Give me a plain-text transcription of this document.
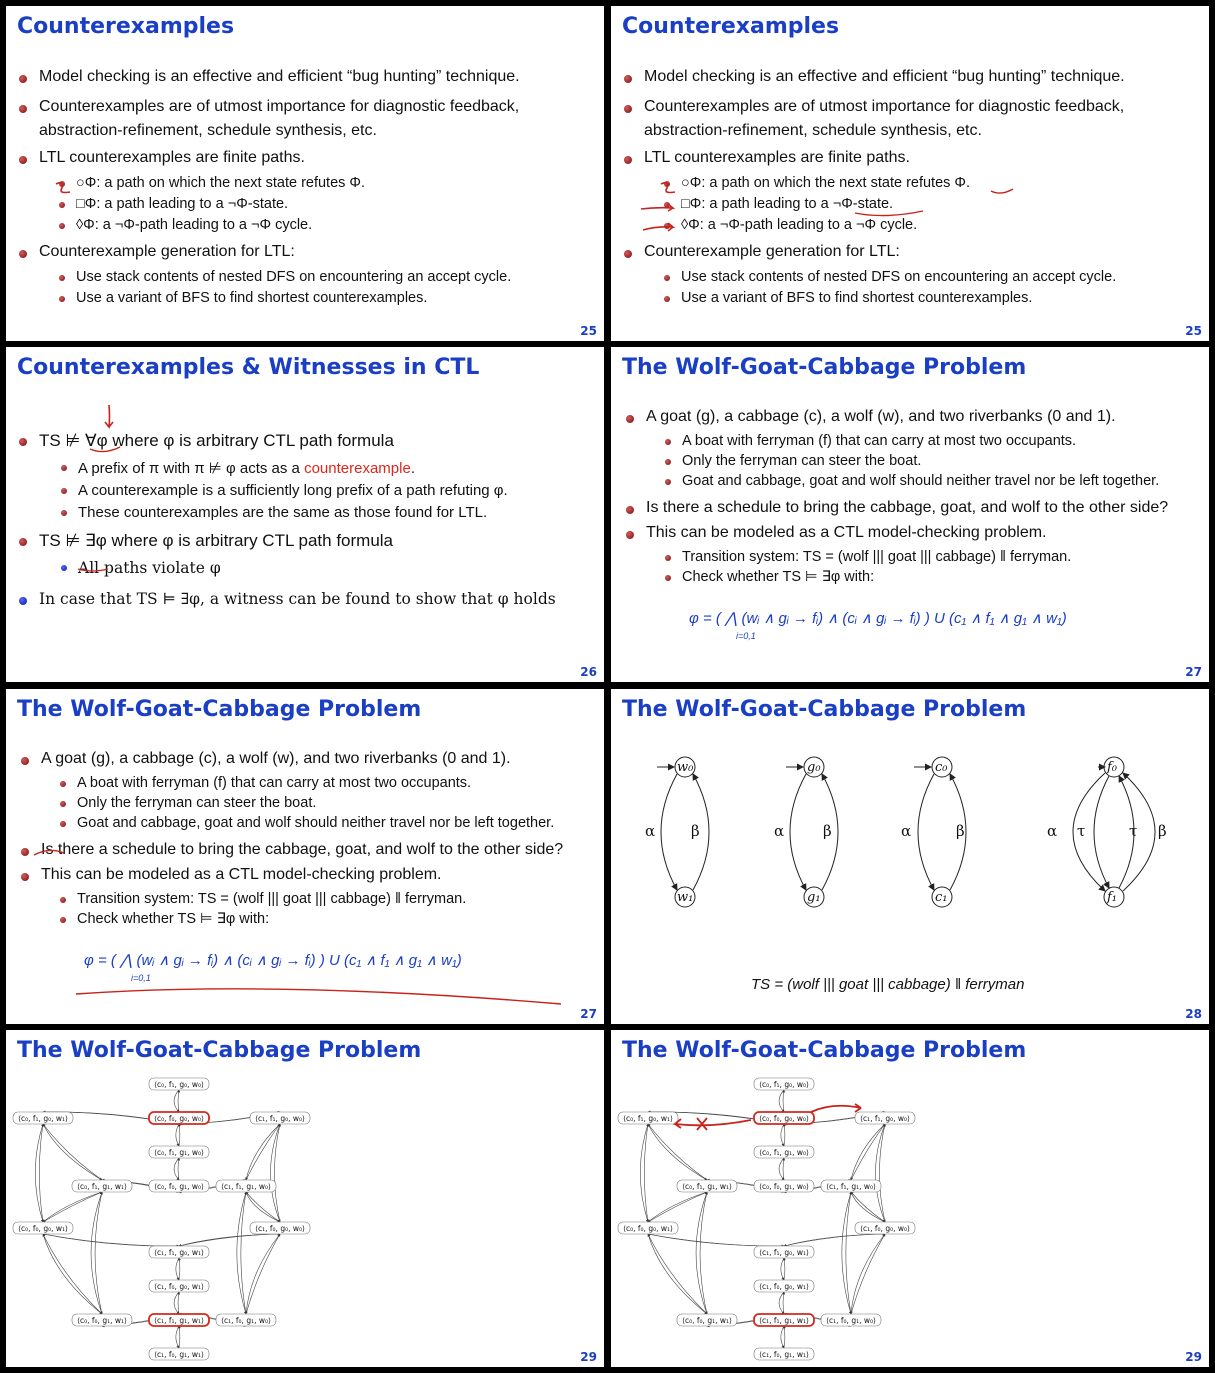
Counterexamples
Model checking is an effective and efficient “bug hunting” technique.
Counterexamples are of utmost importance for diagnostic feedback,
abstraction-refinement, schedule synthesis, etc.
LTL counterexamples are finite paths.
○Φ: a path on which the next state refutes Φ.
□Φ: a path leading to a ¬Φ-state.
◊Φ: a ¬Φ-path leading to a ¬Φ cycle.
Counterexample generation for LTL:
Use stack contents of nested DFS on encountering an accept cycle.
Use a variant of BFS to find shortest counterexamples.
25
Counterexamples
Model checking is an effective and efficient “bug hunting” technique.
Counterexamples are of utmost importance for diagnostic feedback,
abstraction-refinement, schedule synthesis, etc.
LTL counterexamples are finite paths.
○Φ: a path on which the next state refutes Φ.
□Φ: a path leading to a ¬Φ-state.
◊Φ: a ¬Φ-path leading to a ¬Φ cycle.
Counterexample generation for LTL:
Use stack contents of nested DFS on encountering an accept cycle.
Use a variant of BFS to find shortest counterexamples.
25
Counterexamples & Witnesses in CTL
TS ⊭ ∀φ where φ is arbitrary CTL path formula
A prefix of π with π ⊭ φ acts as a counterexample.
A counterexample is a sufficiently long prefix of a path refuting φ.
These counterexamples are the same as those found for LTL.
TS ⊭ ∃φ where φ is arbitrary CTL path formula
All paths violate φ
In case that TS ⊨ ∃φ, a witness can be found to show that φ holds
26
The Wolf-Goat-Cabbage Problem
A goat (g), a cabbage (c), a wolf (w), and two riverbanks (0 and 1).
A boat with ferryman (f) that can carry at most two occupants.
Only the ferryman can steer the boat.
Goat and cabbage, goat and wolf should neither travel nor be left together.
Is there a schedule to bring the cabbage, goat, and wolf to the other side?
This can be modeled as a CTL model-checking problem.
Transition system: TS = (wolf ||| goat ||| cabbage) ‖ ferryman.
Check whether TS ⊨ ∃φ with:
φ = ( ⋀ (wᵢ ∧ gᵢ → fᵢ) ∧ (cᵢ ∧ gᵢ → fᵢ) ) U (c₁ ∧ f₁ ∧ g₁ ∧ w₁)
i=0,1
27
The Wolf-Goat-Cabbage Problem
A goat (g), a cabbage (c), a wolf (w), and two riverbanks (0 and 1).
A boat with ferryman (f) that can carry at most two occupants.
Only the ferryman can steer the boat.
Goat and cabbage, goat and wolf should neither travel nor be left together.
Is there a schedule to bring the cabbage, goat, and wolf to the other side?
This can be modeled as a CTL model-checking problem.
Transition system: TS = (wolf ||| goat ||| cabbage) ‖ ferryman.
Check whether TS ⊨ ∃φ with:
φ = ( ⋀ (wᵢ ∧ gᵢ → fᵢ) ∧ (cᵢ ∧ gᵢ → fᵢ) ) U (c₁ ∧ f₁ ∧ g₁ ∧ w₁)
i=0,1
27
The Wolf-Goat-Cabbage Problem
w₀
w₁
α β
g₀
g₁
α	β
c₀
c₁
α	β
f₀
f₁
α τ	τ β
TS = (wolf ||| goat ||| cabbage) ‖ ferryman
28
The Wolf-Goat-Cabbage Problem
⟨c₀, f₁, g₀, w₀⟩
⟨c₀, f₁, g₀, w₁⟩	⟨c₀, f₀, g₀, w₀⟩	⟨c₁, f₁, g₀, w₀⟩
⟨c₀, f₁, g₁, w₀⟩
⟨c₀, f₁, g₁, w₁⟩	⟨c₀, f₀, g₁, w₀⟩ ⟨c₁, f₁, g₁, w₀⟩
⟨c₀, f₀, g₀, w₁⟩	⟨c₁, f₀, g₀, w₀⟩
⟨c₁, f₁, g₀, w₁⟩
⟨c₁, f₀, g₀, w₁⟩
⟨c₀, f₀, g₁, w₁⟩	⟨c₁, f₁, g₁, w₁⟩ ⟨c₁, f₀, g₁, w₀⟩
⟨c₁, f₀, g₁, w₁⟩	29
The Wolf-Goat-Cabbage Problem
⟨c₀, f₁, g₀, w₀⟩
⟨c₀, f₁, g₀, w₁⟩	⟨c₀, f₀, g₀, w₀⟩	⟨c₁, f₁, g₀, w₀⟩
⟨c₀, f₁, g₁, w₀⟩
⟨c₀, f₁, g₁, w₁⟩	⟨c₀, f₀, g₁, w₀⟩ ⟨c₁, f₁, g₁, w₀⟩
⟨c₀, f₀, g₀, w₁⟩	⟨c₁, f₀, g₀, w₀⟩
⟨c₁, f₁, g₀, w₁⟩
⟨c₁, f₀, g₀, w₁⟩
⟨c₀, f₀, g₁, w₁⟩	⟨c₁, f₁, g₁, w₁⟩ ⟨c₁, f₀, g₁, w₀⟩
⟨c₁, f₀, g₁, w₁⟩	29
